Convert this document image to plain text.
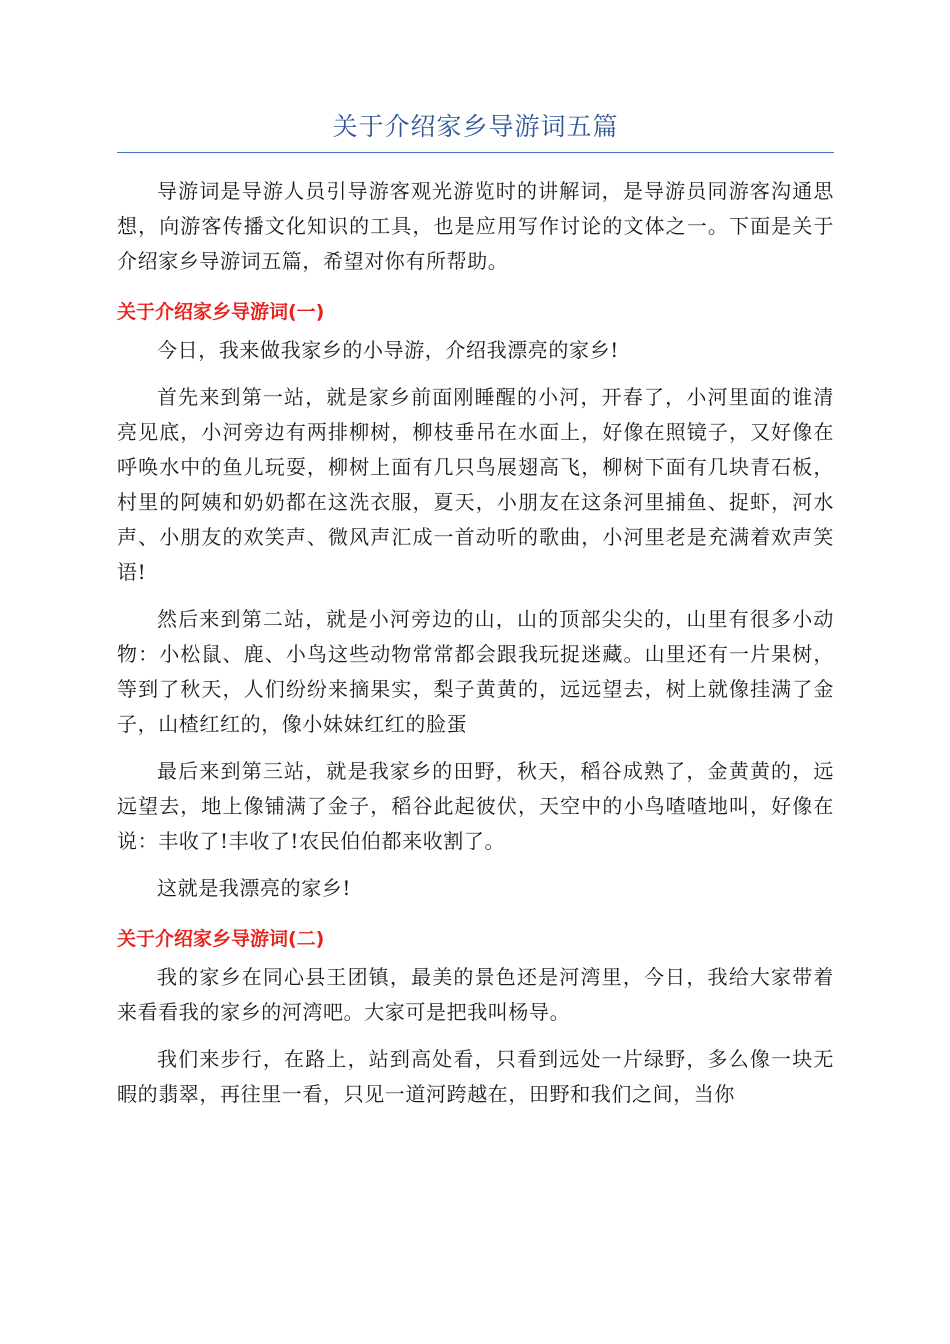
关于介绍家乡导游词五篇

导游词是导游人员引导游客观光游览时的讲解词，是导游员同游客沟通思想，向游客传播文化知识的工具，也是应用写作讨论的文体之一。下面是关于介绍家乡导游词五篇，希望对你有所帮助。

关于介绍家乡导游词(一)

今日，我来做我家乡的小导游，介绍我漂亮的家乡!

首先来到第一站，就是家乡前面刚睡醒的小河，开春了，小河里面的谁清亮见底，小河旁边有两排柳树，柳枝垂吊在水面上，好像在照镜子，又好像在呼唤水中的鱼儿玩耍，柳树上面有几只鸟展翅高飞，柳树下面有几块青石板，村里的阿姨和奶奶都在这洗衣服，夏天，小朋友在这条河里捕鱼、捉虾，河水声、小朋友的欢笑声、微风声汇成一首动听的歌曲，小河里老是充满着欢声笑语!

然后来到第二站，就是小河旁边的山，山的顶部尖尖的，山里有很多小动物：小松鼠、鹿、小鸟这些动物常常都会跟我玩捉迷藏。山里还有一片果树，等到了秋天，人们纷纷来摘果实，梨子黄黄的，远远望去，树上就像挂满了金子，山楂红红的，像小妹妹红红的脸蛋

最后来到第三站，就是我家乡的田野，秋天，稻谷成熟了，金黄黄的，远远望去，地上像铺满了金子，稻谷此起彼伏，天空中的小鸟喳喳地叫，好像在说：丰收了!丰收了!农民伯伯都来收割了。

这就是我漂亮的家乡!

关于介绍家乡导游词(二)

我的家乡在同心县王团镇，最美的景色还是河湾里，今日，我给大家带着来看看我的家乡的河湾吧。大家可是把我叫杨导。

我们来步行，在路上，站到高处看，只看到远处一片绿野，多么像一块无暇的翡翠，再往里一看，只见一道河跨越在，田野和我们之间，当你
